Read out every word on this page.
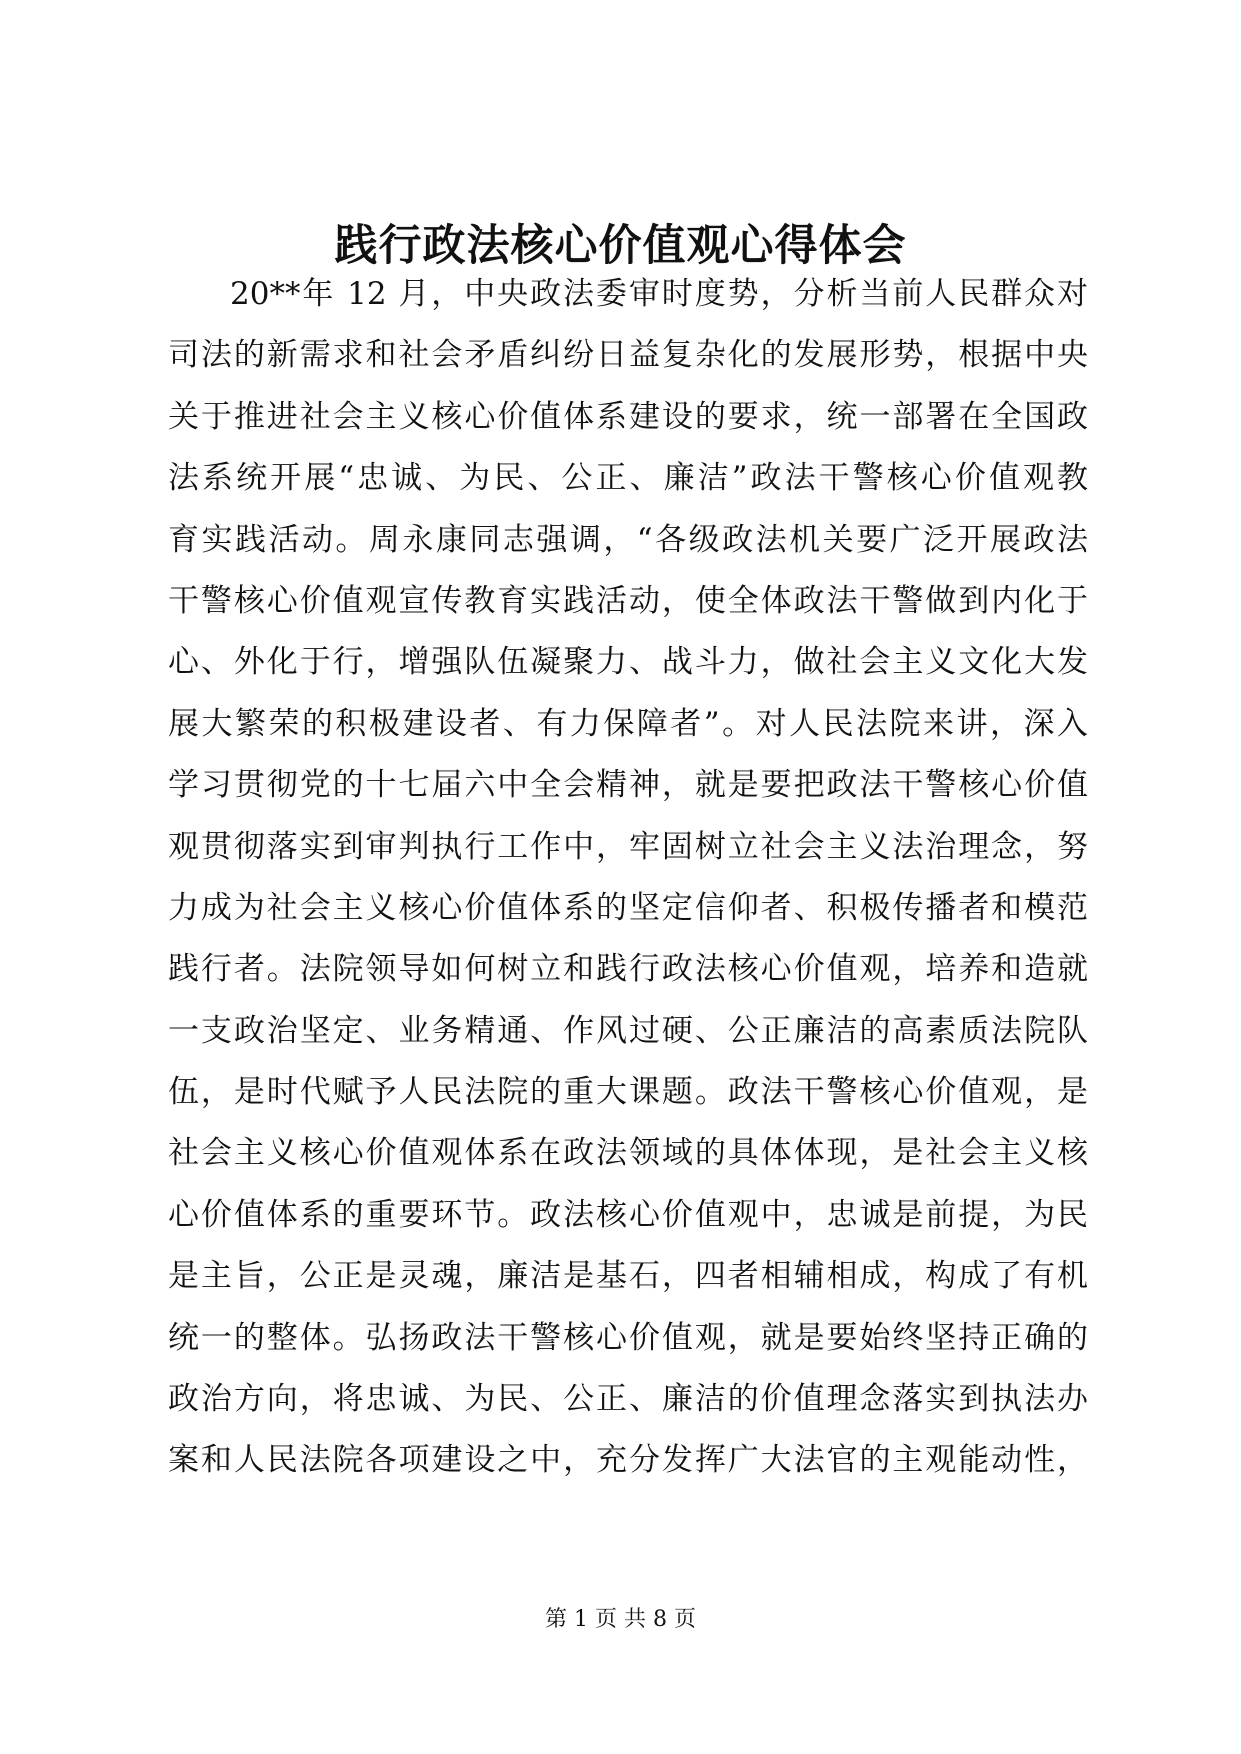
践行政法核心价值观心得体会

20**年 12 月，中央政法委审时度势，分析当前人民群众对

司法的新需求和社会矛盾纠纷日益复杂化的发展形势，根据中央

关于推进社会主义核心价值体系建设的要求，统一部署在全国政

法系统开展“忠诚、为民、公正、廉洁”政法干警核心价值观教

育实践活动。周永康同志强调，“各级政法机关要广泛开展政法

干警核心价值观宣传教育实践活动，使全体政法干警做到内化于

心、外化于行，增强队伍凝聚力、战斗力，做社会主义文化大发

展大繁荣的积极建设者、有力保障者”。对人民法院来讲，深入

学习贯彻党的十七届六中全会精神，就是要把政法干警核心价值

观贯彻落实到审判执行工作中，牢固树立社会主义法治理念，努

力成为社会主义核心价值体系的坚定信仰者、积极传播者和模范

践行者。法院领导如何树立和践行政法核心价值观，培养和造就

一支政治坚定、业务精通、作风过硬、公正廉洁的高素质法院队

伍，是时代赋予人民法院的重大课题。政法干警核心价值观，是

社会主义核心价值观体系在政法领域的具体体现，是社会主义核

心价值体系的重要环节。政法核心价值观中，忠诚是前提，为民

是主旨，公正是灵魂，廉洁是基石，四者相辅相成，构成了有机

统一的整体。弘扬政法干警核心价值观，就是要始终坚持正确的

政治方向，将忠诚、为民、公正、廉洁的价值理念落实到执法办

案和人民法院各项建设之中，充分发挥广大法官的主观能动性，

第 1 页 共 8 页
